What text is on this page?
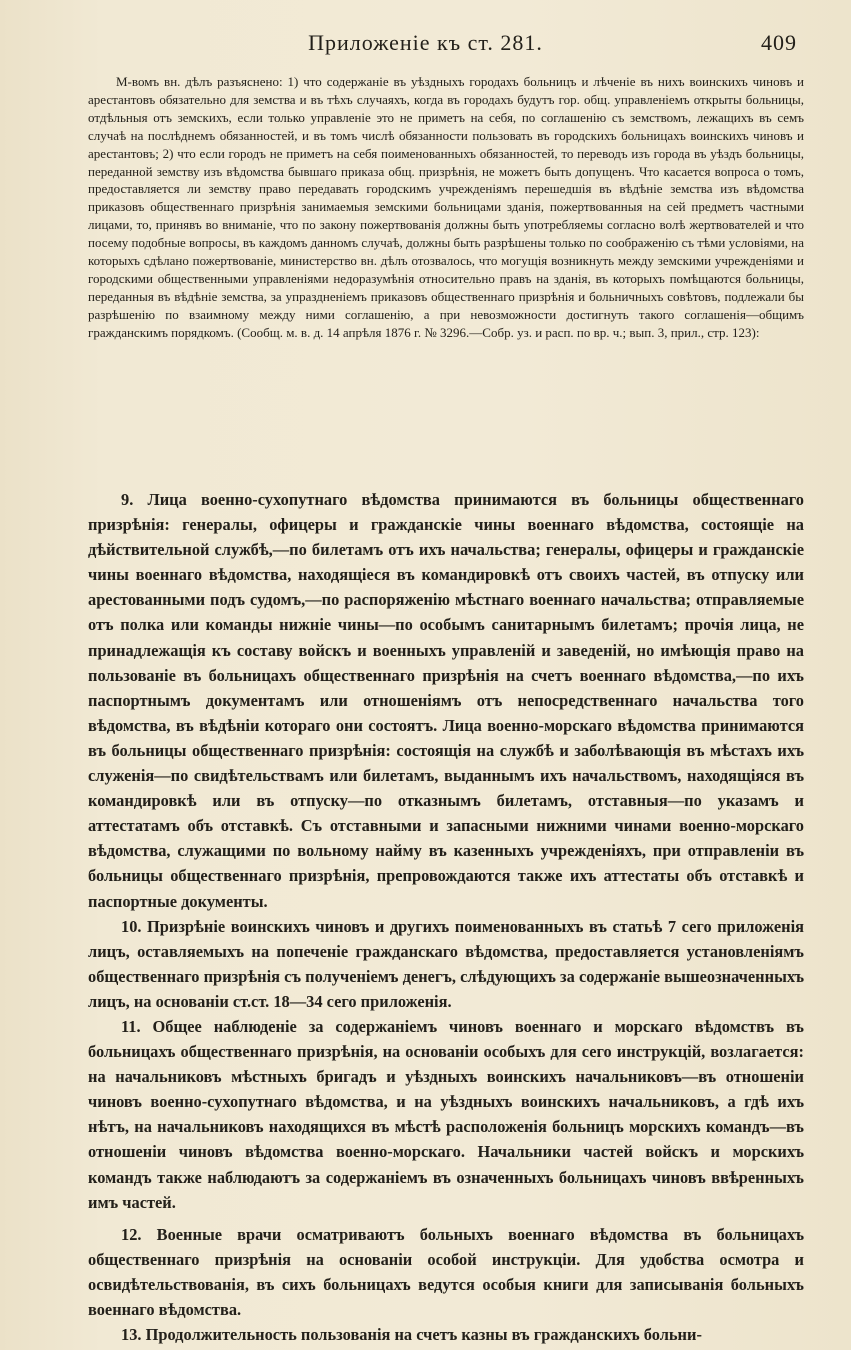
Приложеніе къ ст. 281.	409

М-вомъ вн. дѣлъ разъяснено: 1) что содержаніе въ уѣздныхъ городахъ больницъ и лѣченіе въ нихъ воинскихъ чиновъ и арестантовъ обязательно для земства и въ тѣхъ случаяхъ, когда въ городахъ будутъ гор. общ. управленіемъ открыты больницы, отдѣльныя отъ земскихъ, если только управленіе это не приметъ на себя, по соглашенію съ земствомъ, лежащихъ въ семъ случаѣ на послѣднемъ обязанностей, и въ томъ числѣ обязанности пользовать въ городскихъ больницахъ воинскихъ чиновъ и арестантовъ; 2) что если городъ не приметъ на себя поименованныхъ обязанностей, то переводъ изъ города въ уѣздъ больницы, переданной земству изъ вѣдомства бывшаго приказа общ. призрѣнія, не можетъ быть допущенъ. Что касается вопроса о томъ, предоставляется ли земству право передавать городскимъ учрежденіямъ перешедшія въ вѣдѣніе земства изъ вѣдомства приказовъ общественнаго призрѣнія занимаемыя земскими больницами зданія, пожертвованныя на сей предметъ частными лицами, то, принявъ во вниманіе, что по закону пожертвованія должны быть употребляемы согласно волѣ жертвователей и что посему подобные вопросы, въ каждомъ данномъ случаѣ, должны быть разрѣшены только по соображенію съ тѣми условіями, на которыхъ сдѣлано пожертвованіе, министерство вн. дѣлъ отозвалось, что могущія возникнуть между земскими учрежденіями и городскими общественными управленіями недоразумѣнія относительно правъ на зданія, въ которыхъ помѣщаются больницы, переданныя въ вѣдѣніе земства, за упраздненіемъ приказовъ общественнаго призрѣнія и больничныхъ совѣтовъ, подлежали бы разрѣшенію по взаимному между ними соглашенію, а при невозможности достигнуть такого соглашенія—общимъ гражданскимъ порядкомъ. (Сообщ. м. в. д. 14 апрѣля 1876 г. № 3296.—Собр. уз. и расп. по вр. ч.; вып. 3, прил., стр. 123):

9. Лица военно-сухопутнаго вѣдомства принимаются въ больницы общественнаго призрѣнія: генералы, офицеры и гражданскіе чины военнаго вѣдомства, состоящіе на дѣйствительной службѣ,—по билетамъ отъ ихъ начальства; генералы, офицеры и гражданскіе чины военнаго вѣдомства, находящіеся въ командировкѣ отъ своихъ частей, въ отпуску или арестованными подъ судомъ,—по распоряженію мѣстнаго военнаго начальства; отправляемые отъ полка или команды нижніе чины—по особымъ санитарнымъ билетамъ; прочія лица, не принадлежащія къ составу войскъ и военныхъ управленій и заведеній, но имѣющія право на пользованіе въ больницахъ общественнаго призрѣнія на счетъ военнаго вѣдомства,—по ихъ паспортнымъ документамъ или отношеніямъ отъ непосредственнаго начальства того вѣдомства, въ вѣдѣніи котораго они состоятъ. Лица военно-морскаго вѣдомства принимаются въ больницы общественнаго призрѣнія: состоящія на службѣ и заболѣвающія въ мѣстахъ ихъ служенія—по свидѣтельствамъ или билетамъ, выданнымъ ихъ начальствомъ, находящіяся въ командировкѣ или въ отпуску—по отказнымъ билетамъ, отставныя—по указамъ и аттестатамъ объ отставкѣ. Съ отставными и запасными нижними чинами военно-морскаго вѣдомства, служащими по вольному найму въ казенныхъ учрежденіяхъ, при отправленіи въ больницы общественнаго призрѣнія, препровождаются также ихъ аттестаты объ отставкѣ и паспортные документы.

10. Призрѣніе воинскихъ чиновъ и другихъ поименованныхъ въ статьѣ 7 сего приложенія лицъ, оставляемыхъ на попеченіе гражданскаго вѣдомства, предоставляется установленіямъ общественнаго призрѣнія съ полученіемъ денегъ, слѣдующихъ за содержаніе вышеозначенныхъ лицъ, на основаніи ст.ст. 18—34 сего приложенія.

11. Общее наблюденіе за содержаніемъ чиновъ военнаго и морскаго вѣдомствъ въ больницахъ общественнаго призрѣнія, на основаніи особыхъ для сего инструкцій, возлагается: на начальниковъ мѣстныхъ бригадъ и уѣздныхъ воинскихъ начальниковъ—въ отношеніи чиновъ военно-сухопутнаго вѣдомства, и на уѣздныхъ воинскихъ начальниковъ, а гдѣ ихъ нѣтъ, на начальниковъ находящихся въ мѣстѣ расположенія больницъ морскихъ командъ—въ отношеніи чиновъ вѣдомства военно-морскаго. Начальники частей войскъ и морскихъ командъ также наблюдаютъ за содержаніемъ въ означенныхъ больницахъ чиновъ ввѣренныхъ имъ частей.

12. Военные врачи осматриваютъ больныхъ военнаго вѣдомства въ больницахъ общественнаго призрѣнія на основаніи особой инструкціи. Для удобства осмотра и освидѣтельствованія, въ сихъ больницахъ ведутся особыя книги для записыванія больныхъ военнаго вѣдомства.

13. Продолжительность пользованія на счетъ казны въ гражданскихъ больни-
